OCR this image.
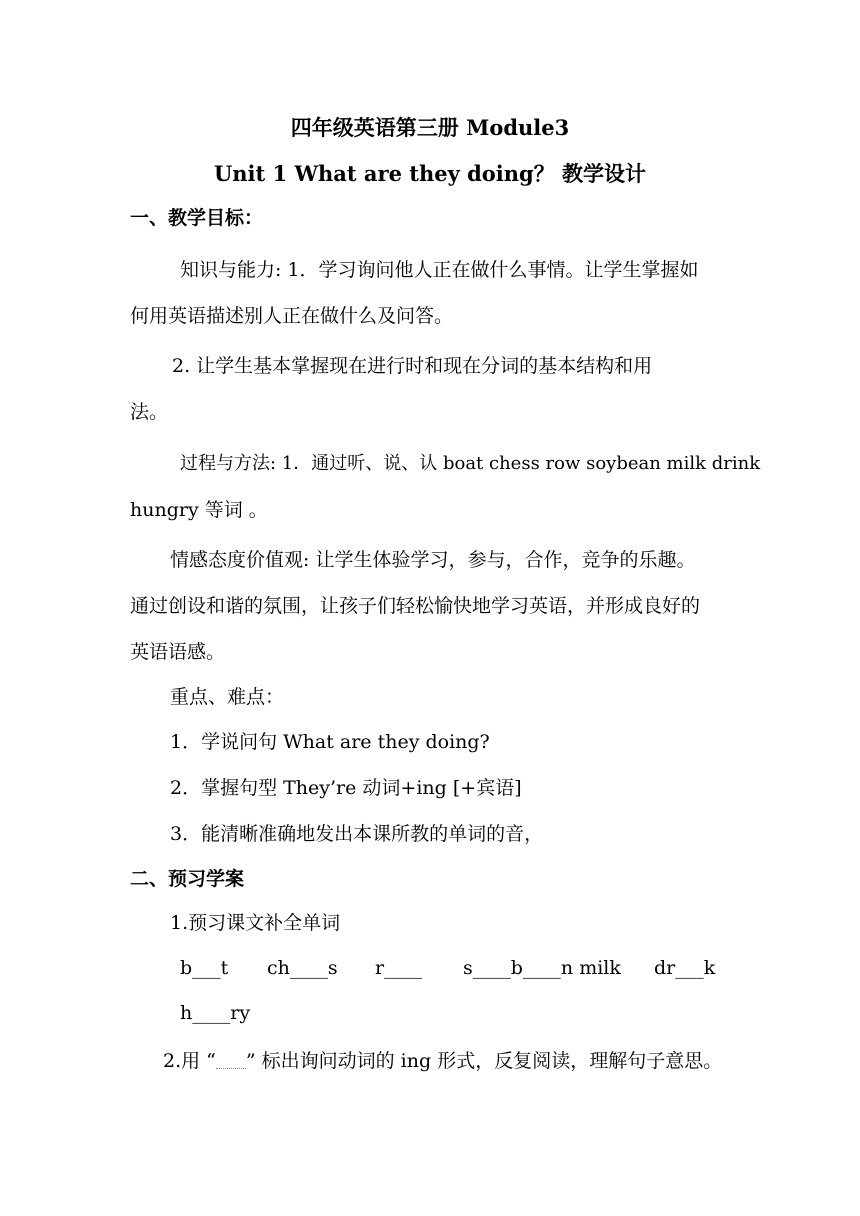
四年级英语第三册 Module3
Unit 1 What are they doing？ 教学设计
一、教学目标：
知识与能力: 1．学习询问他人正在做什么事情。让学生掌握如
何用英语描述别人正在做什么及问答。
2. 让学生基本掌握现在进行时和现在分词的基本结构和用
法。
过程与方法: 1．通过听、说、认 boat chess row soybean milk drink
hungry 等词 。
情感态度价值观: 让学生体验学习，参与，合作，竞争的乐趣。
通过创设和谐的氛围，让孩子们轻松愉快地学习英语，并形成良好的
英语语感。
重点、难点：
1．学说问句 What are they doing?
2．掌握句型 They’re 动词+ing [+宾语]
3．能清晰准确地发出本课所教的单词的音，
二、预习学案
1.预习课文补全单词
b___t ch____s r____ s____b____n milk dr___k
h____ry
2.用 “ ” 标出询问动词的 ing 形式，反复阅读，理解句子意思。
